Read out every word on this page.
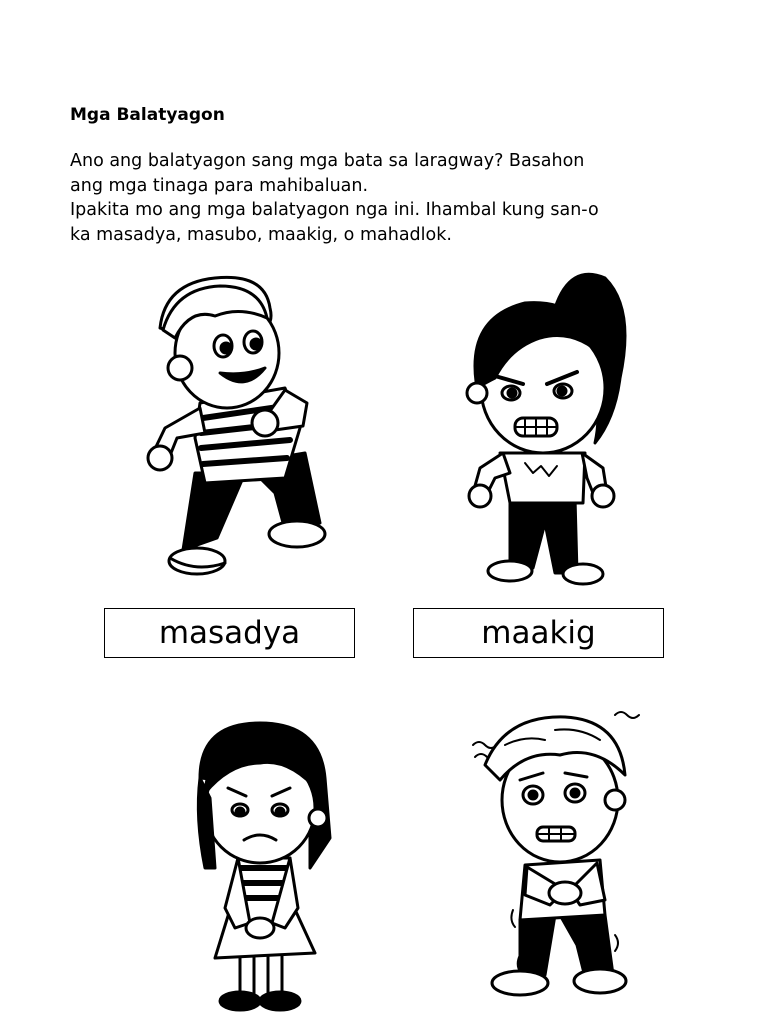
Mga Balatyagon

Ano ang balatyagon sang mga bata sa laragway? Basahon
ang mga tinaga para mahibaluan.

Ipakita mo ang mga balatyagon nga ini. Ihambal kung san-o
ka masadya, masubo, maakig, o mahadlok.

masadya	maakig
